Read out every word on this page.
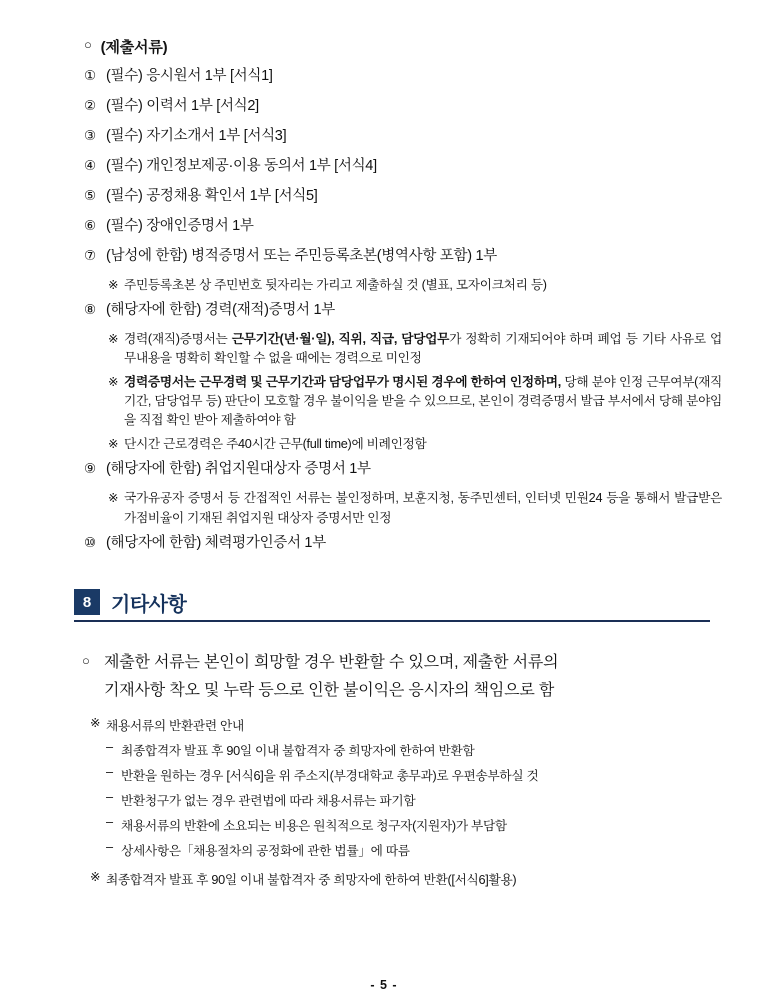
○ (제출서류)
① (필수) 응시원서 1부 [서식1]
② (필수) 이력서 1부 [서식2]
③ (필수) 자기소개서 1부 [서식3]
④ (필수) 개인정보제공·이용 동의서 1부 [서식4]
⑤ (필수) 공정채용 확인서 1부 [서식5]
⑥ (필수) 장애인증명서 1부
⑦ (남성에 한함) 병적증명서 또는 주민등록초본(병역사항 포함) 1부
※ 주민등록초본 상 주민번호 뒷자리는 가리고 제출하실 것 (별표, 모자이크처리 등)
⑧ (해당자에 한함) 경력(재적)증명서 1부
※ 경력(재직)증명서는 근무기간(년·월·일), 직위, 직급, 담당업무가 정확히 기재되어야 하며 폐업 등 기타 사유로 업무내용을 명확히 확인할 수 없을 때에는 경력으로 미인정
※ 경력증명서는 근무경력 및 근무기간과 담당업무가 명시된 경우에 한하여 인정하며, 당해 분야 인정 근무여부(재직기간, 담당업무 등) 판단이 모호할 경우 불이익을 받을 수 있으므로, 본인이 경력증명서 발급 부서에서 당해 분야임을 직접 확인 받아 제출하여야 함
※ 단시간 근로경력은 주40시간 근무(full time)에 비례인정함
⑨ (해당자에 한함) 취업지원대상자 증명서 1부
※ 국가유공자 증명서 등 간접적인 서류는 불인정하며, 보훈지청, 동주민센터, 인터넷 민원24 등을 통해서 발급받은 가점비율이 기재된 취업지원 대상자 증명서만 인정
⑩ (해당자에 한함) 체력평가인증서 1부
8 기타사항
○ 제출한 서류는 본인이 희망할 경우 반환할 수 있으며, 제출한 서류의
기재사항 착오 및 누락 등으로 인한 불이익은 응시자의 책임으로 함
※ 채용서류의 반환관련 안내
– 최종합격자 발표 후 90일 이내 불합격자 중 희망자에 한하여 반환함
– 반환을 원하는 경우 [서식6]을 위 주소지(부경대학교 총무과)로 우편송부하실 것
– 반환청구가 없는 경우 관련법에 따라 채용서류는 파기함
– 채용서류의 반환에 소요되는 비용은 원칙적으로 청구자(지원자)가 부담함
– 상세사항은「채용절차의 공정화에 관한 법률」에 따름
※ 최종합격자 발표 후 90일 이내 불합격자 중 희망자에 한하여 반환([서식6]활용)
- 5 -
